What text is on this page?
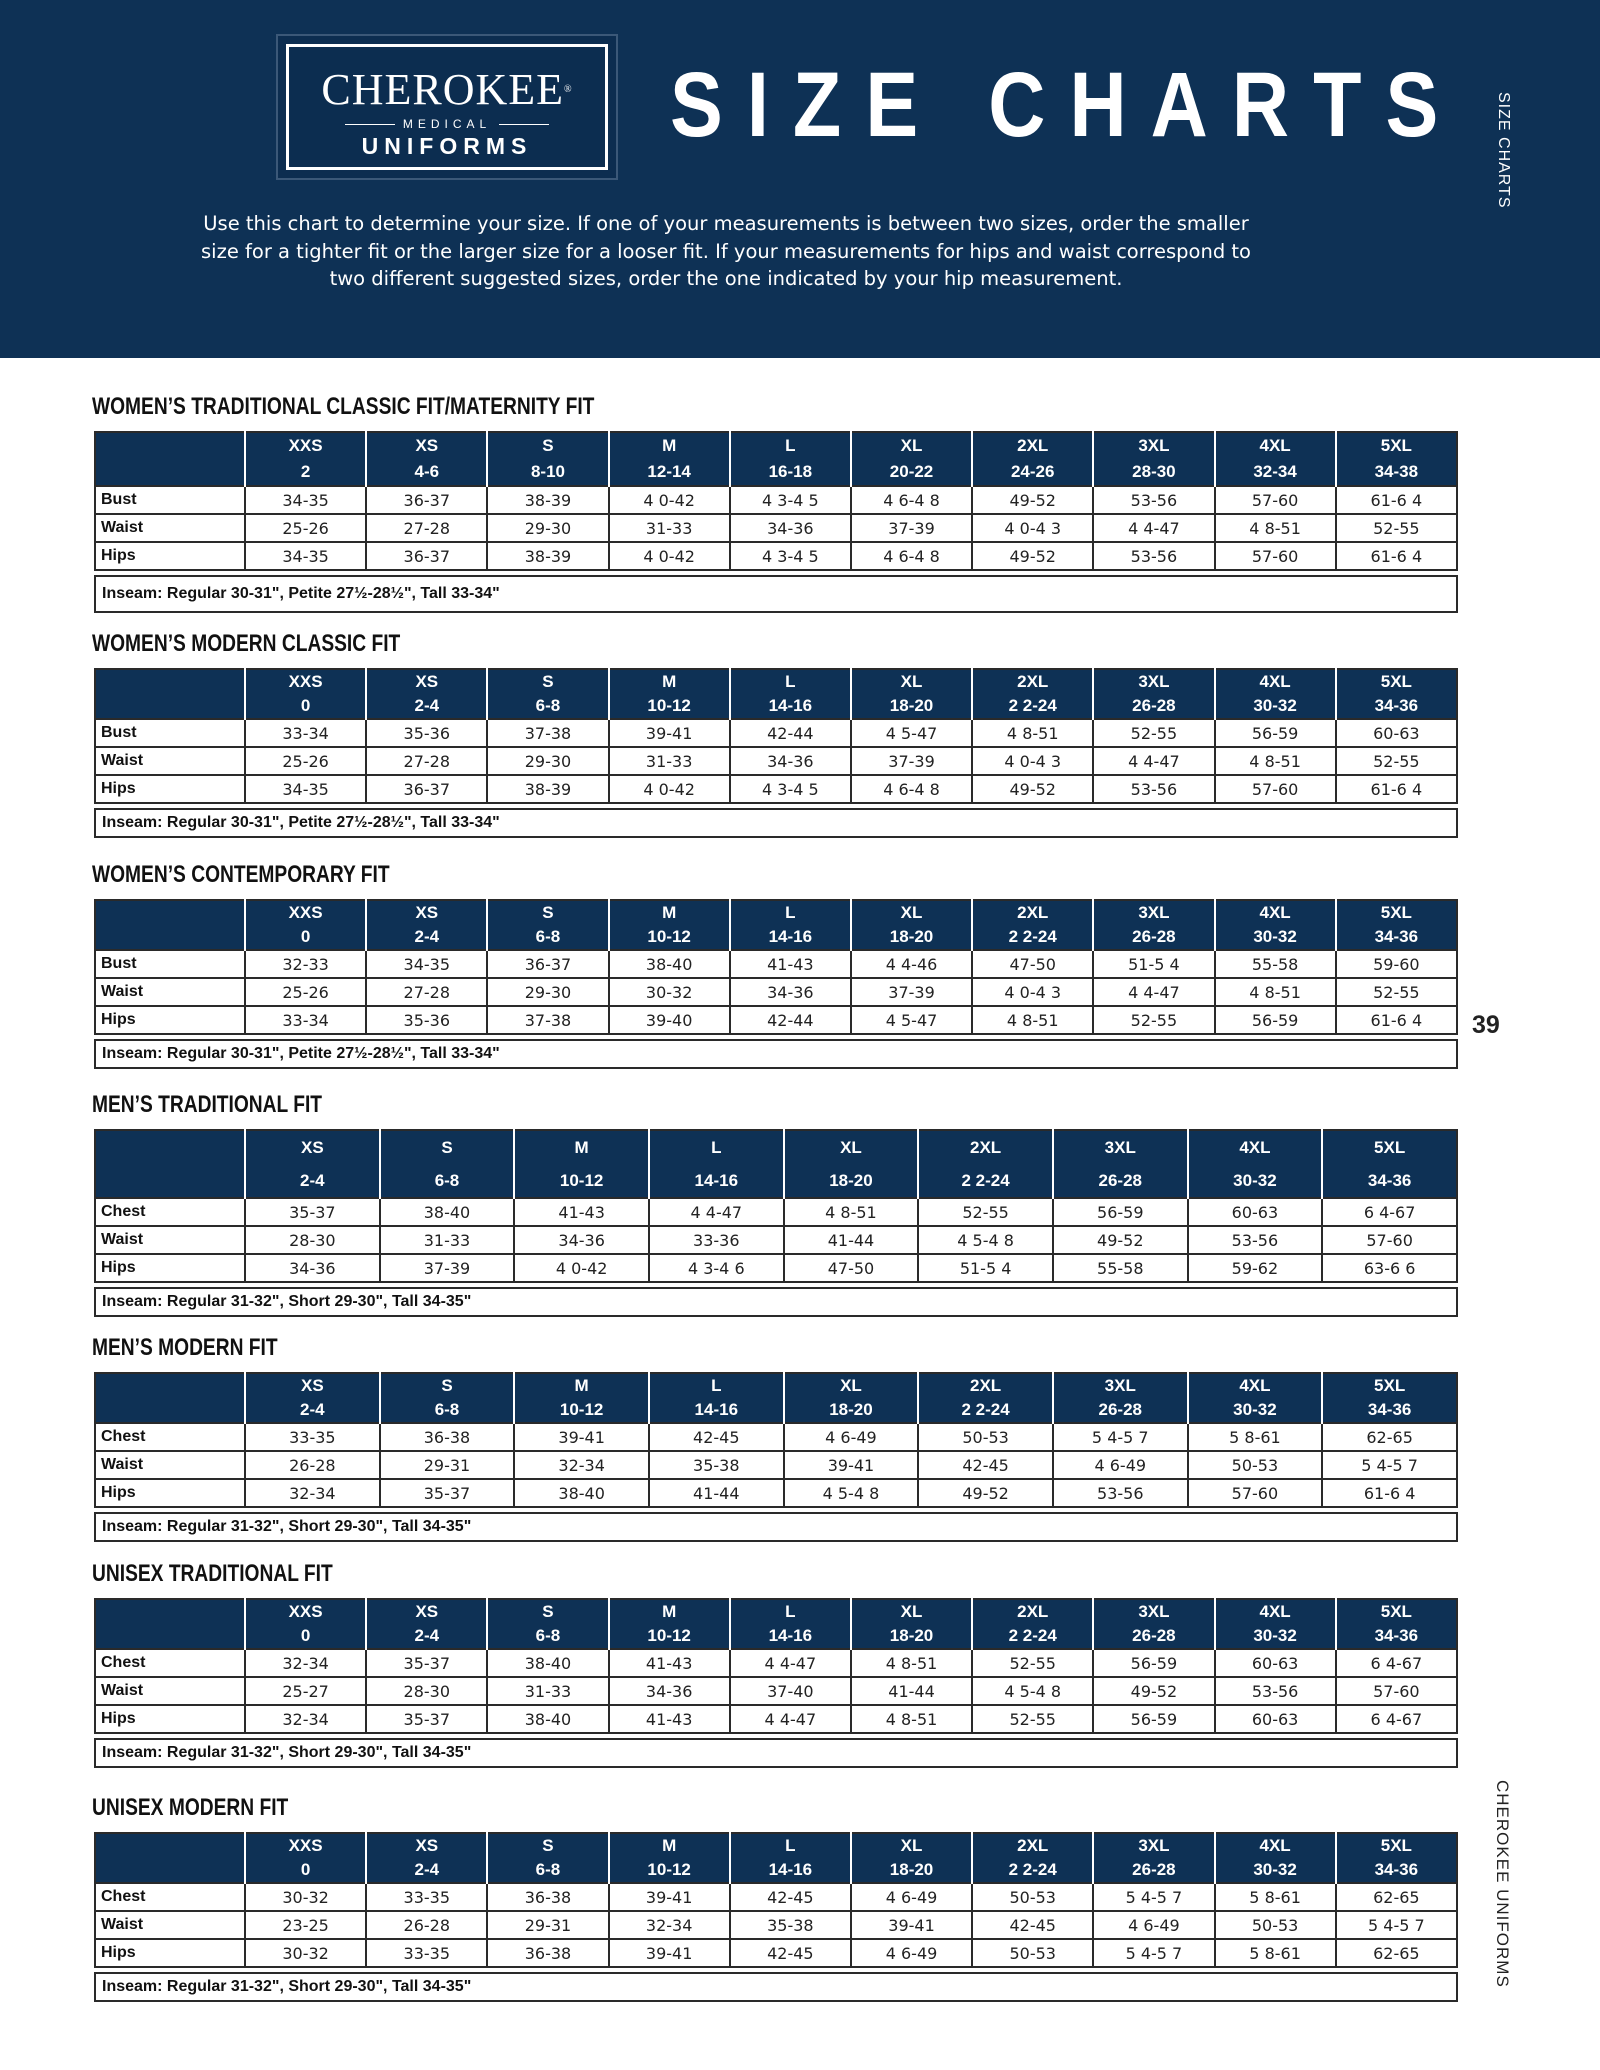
CHEROKEE®
MEDICAL
UNIFORMS	SIZE CHARTS
Use this chart to determine your size. If one of your measurements is between two sizes, order the smaller size for a tighter fit or the larger size for a looser fit. If your measurements for hips and waist correspond to two different suggested sizes, order the one indicated by your hip measurement.
SIZE CHARTS
39
CHEROKEE UNIFORMS
WOMEN’S TRADITIONAL CLASSIC FIT/MATERNITY FIT
	XXS	XS	S	M	L	XL	2XL	3XL	4XL	5XL
	2	4-6	8-10	12-14	16-18	20-22	24-26	28-30	32-34	34-38
Bust	34-35	36-37	38-39	4 0-42	4 3-4 5	4 6-4 8	49-52	53-56	57-60	61-6 4
Waist	25-26	27-28	29-30	31-33	34-36	37-39	4 0-4 3	4 4-47	4 8-51	52-55
Hips	34-35	36-37	38-39	4 0-42	4 3-4 5	4 6-4 8	49-52	53-56	57-60	61-6 4
Inseam: Regular 30-31", Petite 27½-28½", Tall 33-34"
WOMEN’S MODERN CLASSIC FIT
	XXS	XS	S	M	L	XL	2XL	3XL	4XL	5XL
	0	2-4	6-8	10-12	14-16	18-20	2 2-24	26-28	30-32	34-36
Bust	33-34	35-36	37-38	39-41	42-44	4 5-47	4 8-51	52-55	56-59	60-63
Waist	25-26	27-28	29-30	31-33	34-36	37-39	4 0-4 3	4 4-47	4 8-51	52-55
Hips	34-35	36-37	38-39	4 0-42	4 3-4 5	4 6-4 8	49-52	53-56	57-60	61-6 4
Inseam: Regular 30-31", Petite 27½-28½", Tall 33-34"
WOMEN’S CONTEMPORARY FIT
	XXS	XS	S	M	L	XL	2XL	3XL	4XL	5XL
	0	2-4	6-8	10-12	14-16	18-20	2 2-24	26-28	30-32	34-36
Bust	32-33	34-35	36-37	38-40	41-43	4 4-46	47-50	51-5 4	55-58	59-60
Waist	25-26	27-28	29-30	30-32	34-36	37-39	4 0-4 3	4 4-47	4 8-51	52-55
Hips	33-34	35-36	37-38	39-40	42-44	4 5-47	4 8-51	52-55	56-59	61-6 4
Inseam: Regular 30-31", Petite 27½-28½", Tall 33-34"
MEN’S TRADITIONAL FIT
	XS	S	M	L	XL	2XL	3XL	4XL	5XL
	2-4	6-8	10-12	14-16	18-20	2 2-24	26-28	30-32	34-36
Chest	35-37	38-40	41-43	4 4-47	4 8-51	52-55	56-59	60-63	6 4-67
Waist	28-30	31-33	34-36	33-36	41-44	4 5-4 8	49-52	53-56	57-60
Hips	34-36	37-39	4 0-42	4 3-4 6	47-50	51-5 4	55-58	59-62	63-6 6
Inseam: Regular 31-32", Short 29-30", Tall 34-35"
MEN’S MODERN FIT
	XS	S	M	L	XL	2XL	3XL	4XL	5XL
	2-4	6-8	10-12	14-16	18-20	2 2-24	26-28	30-32	34-36
Chest	33-35	36-38	39-41	42-45	4 6-49	50-53	5 4-5 7	5 8-61	62-65
Waist	26-28	29-31	32-34	35-38	39-41	42-45	4 6-49	50-53	5 4-5 7
Hips	32-34	35-37	38-40	41-44	4 5-4 8	49-52	53-56	57-60	61-6 4
Inseam: Regular 31-32", Short 29-30", Tall 34-35"
UNISEX TRADITIONAL FIT
	XXS	XS	S	M	L	XL	2XL	3XL	4XL	5XL
	0	2-4	6-8	10-12	14-16	18-20	2 2-24	26-28	30-32	34-36
Chest	32-34	35-37	38-40	41-43	4 4-47	4 8-51	52-55	56-59	60-63	6 4-67
Waist	25-27	28-30	31-33	34-36	37-40	41-44	4 5-4 8	49-52	53-56	57-60
Hips	32-34	35-37	38-40	41-43	4 4-47	4 8-51	52-55	56-59	60-63	6 4-67
Inseam: Regular 31-32", Short 29-30", Tall 34-35"
UNISEX MODERN FIT
	XXS	XS	S	M	L	XL	2XL	3XL	4XL	5XL
	0	2-4	6-8	10-12	14-16	18-20	2 2-24	26-28	30-32	34-36
Chest	30-32	33-35	36-38	39-41	42-45	4 6-49	50-53	5 4-5 7	5 8-61	62-65
Waist	23-25	26-28	29-31	32-34	35-38	39-41	42-45	4 6-49	50-53	5 4-5 7
Hips	30-32	33-35	36-38	39-41	42-45	4 6-49	50-53	5 4-5 7	5 8-61	62-65
Inseam: Regular 31-32", Short 29-30", Tall 34-35"
